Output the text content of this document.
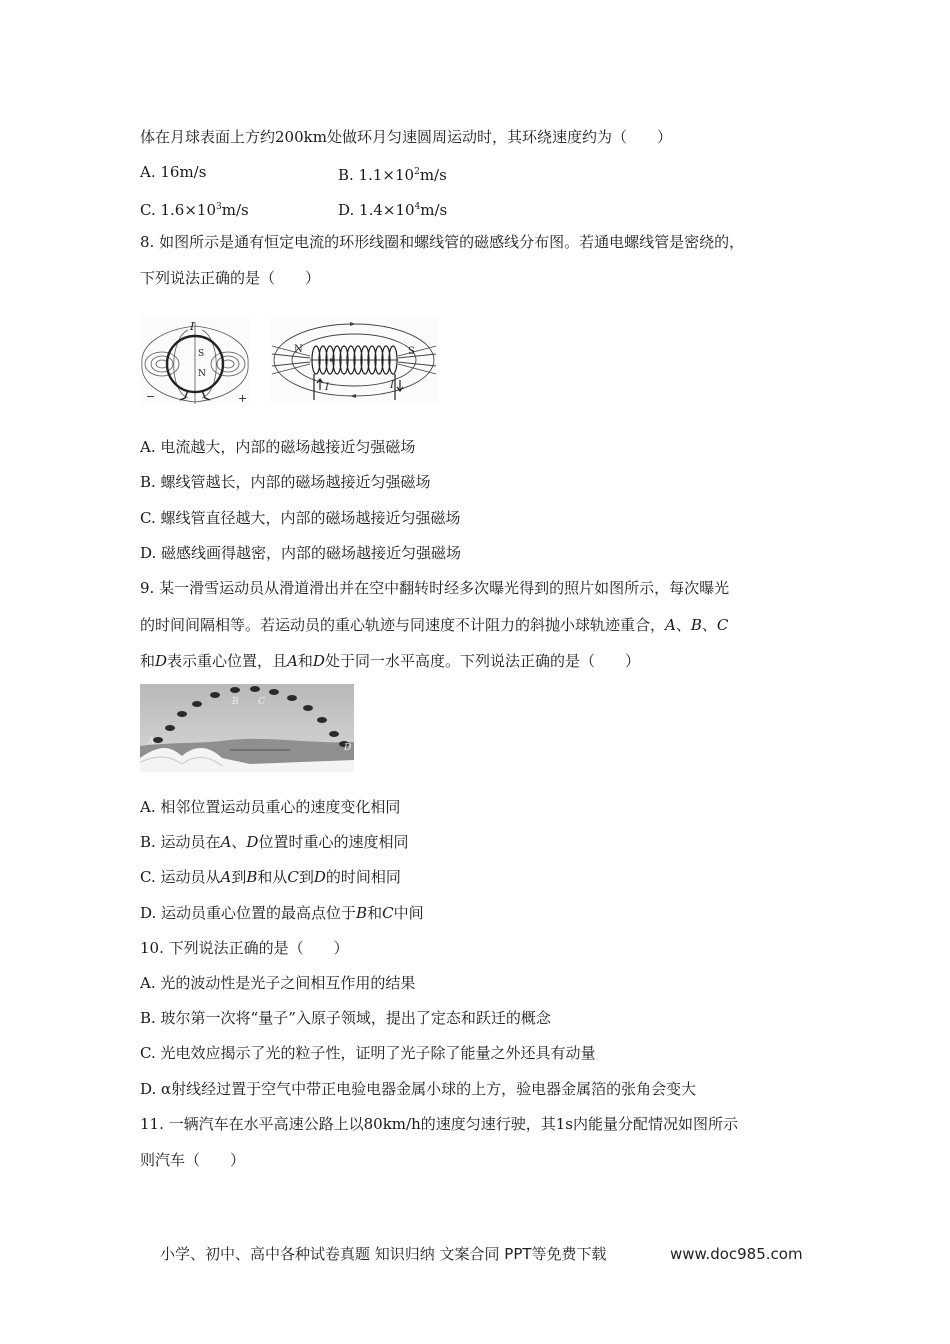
体在月球表面上方约200km处做环月匀速圆周运动时，其环绕速度约为（　　）
A. 16m/s	B. $1.1\times 10^2m/s$
C. $1.6\times 10^3m/s$	D. $1.4\times 10^4m/s$
8. 如图所示是通有恒定电流的环形线圈和螺线管的磁感线分布图。若通电螺线管是密绕的，
下列说法正确的是（　　）
I
S
N
−	+
N	S
I	I
A. 电流越大，内部的磁场越接近匀强磁场
B. 螺线管越长，内部的磁场越接近匀强磁场
C. 螺线管直径越大，内部的磁场越接近匀强磁场
D. 磁感线画得越密，内部的磁场越接近匀强磁场
9. 某一滑雪运动员从滑道滑出并在空中翻转时经多次曝光得到的照片如图所示，每次曝光
的时间间隔相等。若运动员的重心轨迹与同速度不计阻力的斜抛小球轨迹重合，A、B、C
和D表示重心位置，且A和D处于同一水平高度。下列说法正确的是（　　）
A
B C
D
A. 相邻位置运动员重心的速度变化相同
B. 运动员在A、D位置时重心的速度相同
C. 运动员从A到B和从C到D的时间相同
D. 运动员重心位置的最高点位于B和C中间
10. 下列说法正确的是（　　）
A. 光的波动性是光子之间相互作用的结果
B. 玻尔第一次将“量子”入原子领域，提出了定态和跃迁的概念
C. 光电效应揭示了光的粒子性，证明了光子除了能量之外还具有动量
D. α射线经过置于空气中带正电验电器金属小球的上方，验电器金属箔的张角会变大
11. 一辆汽车在水平高速公路上以80km/h的速度匀速行驶，其1s内能量分配情况如图所示
则汽车（　　）
小学、初中、高中各种试卷真题 知识归纳 文案合同 PPT等免费下载	www.doc985.com
